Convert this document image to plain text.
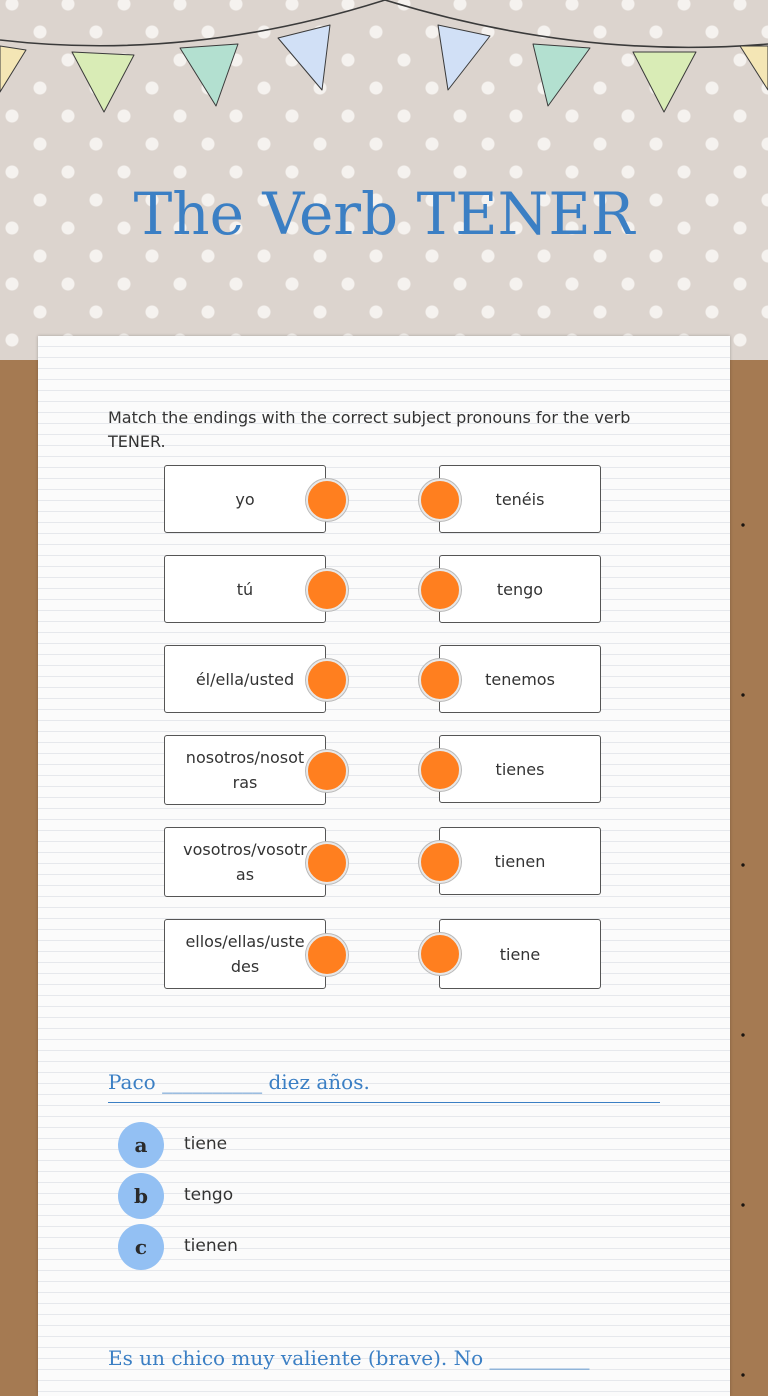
The Verb TENER
Match the endings with the correct subject pronouns for the verb TENER.
yo
tú
él/ella/usted
nosotros/nosot
ras
vosotros/vosotr
as
ellos/ellas/uste
des
tenéis
tengo
tenemos
tienes
tienen
tiene
Paco __________ diez años.
a	tiene
b	tengo
c	tienen
Es un chico muy valiente (brave). No __________
